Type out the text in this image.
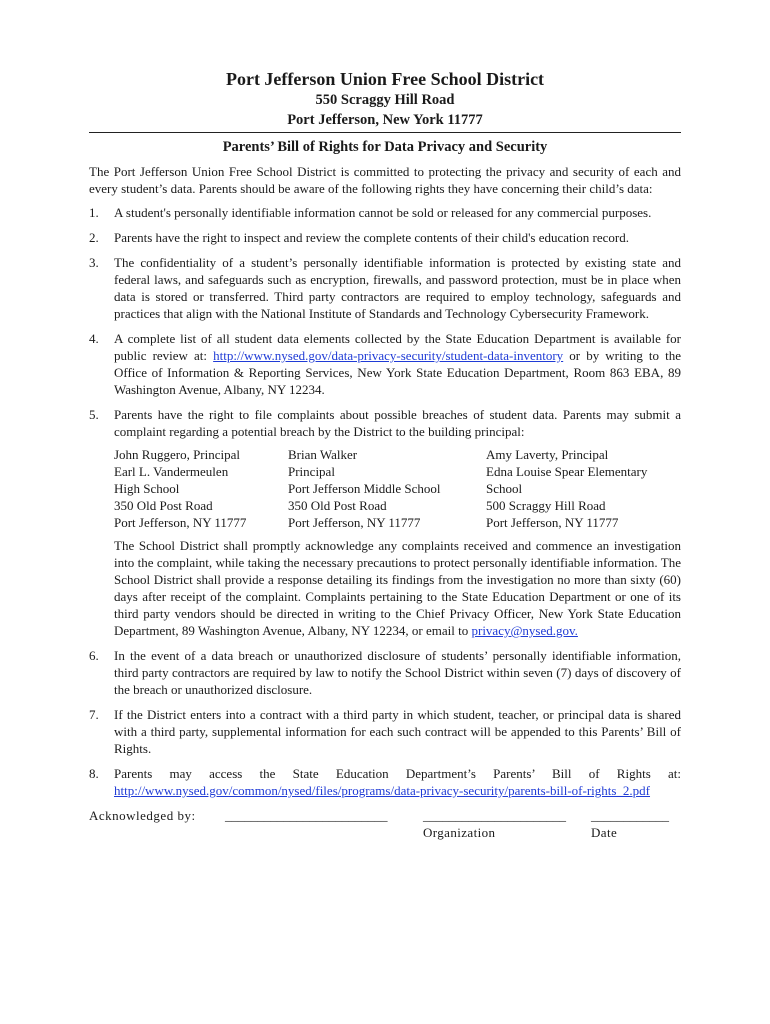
Port Jefferson Union Free School District
550 Scraggy Hill Road
Port Jefferson, New York 11777
Parents’ Bill of Rights for Data Privacy and Security

The Port Jefferson Union Free School District is committed to protecting the privacy and security of each and every student’s data. Parents should be aware of the following rights they have concerning their child’s data:

1. A student's personally identifiable information cannot be sold or released for any commercial purposes.

2. Parents have the right to inspect and review the complete contents of their child's education record.

3. The confidentiality of a student’s personally identifiable information is protected by existing state and federal laws, and safeguards such as encryption, firewalls, and password protection, must be in place when data is stored or transferred. Third party contractors are required to employ technology, safeguards and practices that align with the National Institute of Standards and Technology Cybersecurity Framework.

4. A complete list of all student data elements collected by the State Education Department is available for public review at: http://www.nysed.gov/data-privacy-security/student-data-inventory or by writing to the Office of Information & Reporting Services, New York State Education Department, Room 863 EBA, 89 Washington Avenue, Albany, NY 12234.

5. Parents have the right to file complaints about possible breaches of student data. Parents may submit a complaint regarding a potential breach by the District to the building principal:

John Ruggero, Principal
Earl L. Vandermeulen
High School
350 Old Post Road
Port Jefferson, NY 11777
Brian Walker
Principal
Port Jefferson Middle School
350 Old Post Road
Port Jefferson, NY 11777
Amy Laverty, Principal
Edna Louise Spear Elementary
School
500 Scraggy Hill Road
Port Jefferson, NY 11777

The School District shall promptly acknowledge any complaints received and commence an investigation into the complaint, while taking the necessary precautions to protect personally identifiable information. The School District shall provide a response detailing its findings from the investigation no more than sixty (60) days after receipt of the complaint. Complaints pertaining to the State Education Department or one of its third party vendors should be directed in writing to the Chief Privacy Officer, New York State Education Department, 89 Washington Avenue, Albany, NY 12234, or email to privacy@nysed.gov.

6. In the event of a data breach or unauthorized disclosure of students’ personally identifiable information, third party contractors are required by law to notify the School District within seven (7) days of discovery of the breach or unauthorized disclosure.

7. If the District enters into a contract with a third party in which student, teacher, or principal data is shared with a third party, supplemental information for each such contract will be appended to this Parents’ Bill of Rights.

8. Parents may access the State Education Department’s Parents’ Bill of Rights at: http://www.nysed.gov/common/nysed/files/programs/data-privacy-security/parents-bill-of-rights_2.pdf

Acknowledged by: _________________________	______________________ ____________
Organization	Date
